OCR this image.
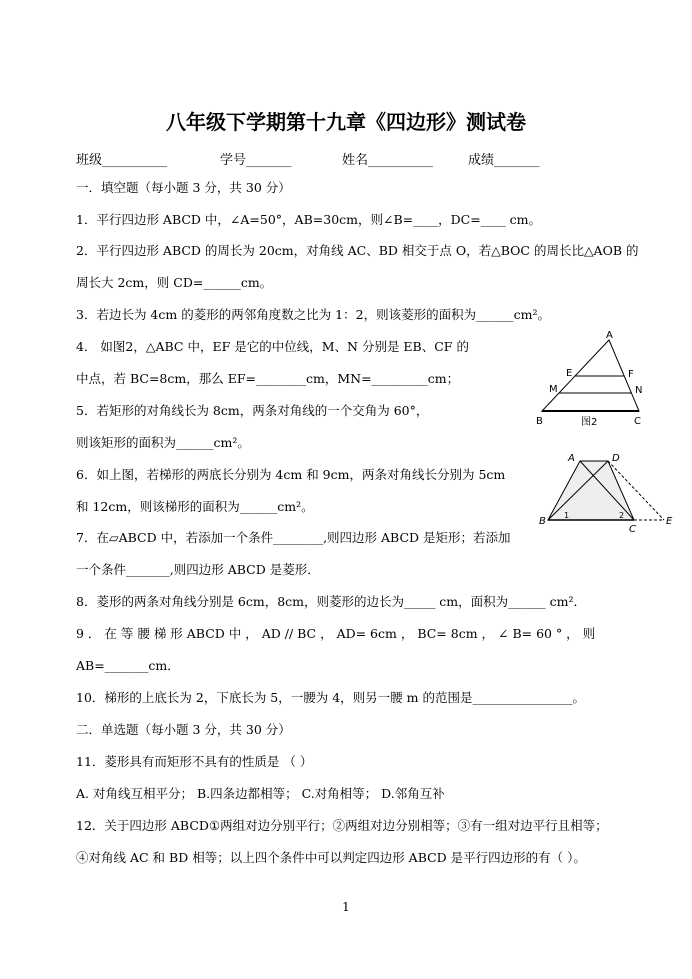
八年级下学期第十九章《四边形》测试卷
班级__________	学号_______	姓名__________	成绩_______
一．填空题（每小题 3 分，共 30 分）
1．平行四边形 ABCD 中，∠A=50°，AB=30cm，则∠B=____，DC=____ cm。
2．平行四边形 ABCD 的周长为 20cm，对角线 AC、BD 相交于点 O，若△BOC 的周长比△AOB 的
周长大 2cm，则 CD=______cm。
3．若边长为 4cm 的菱形的两邻角度数之比为 1：2，则该菱形的面积为______cm²。
4． 如图2，△ABC 中，EF 是它的中位线，M、N 分别是 EB、CF 的
中点，若 BC=8cm，那么 EF=________cm，MN=_________cm；
5．若矩形的对角线长为 8cm，两条对角线的一个交角为 60°，
则该矩形的面积为______cm²。
6．如上图，若梯形的两底长分别为 4cm 和 9cm，两条对角线长分别为 5cm
和 12cm，则该梯形的面积为______cm²。
7．在▱ABCD 中，若添加一个条件________,则四边形 ABCD 是矩形；若添加
一个条件_______,则四边形 ABCD 是菱形．
8．菱形的两条对角线分别是 6cm，8cm，则菱形的边长为_____ cm，面积为______ cm²．
9 ． 在 等 腰 梯 形 ABCD 中 ， AD // BC ， AD= 6cm ， BC= 8cm ， ∠ B= 60 ° ， 则
AB=_______cm．
10．梯形的上底长为 2，下底长为 5，一腰为 4，则另一腰 m 的范围是________________。
二．单选题（每小题 3 分，共 30 分）
11．菱形具有而矩形不具有的性质是 （ ）
A. 对角线互相平分； B.四条边都相等； C.对角相等； D.邻角互补
12．关于四边形 ABCD①两组对边分别平行；②两组对边分别相等；③有一组对边平行且相等；
④对角线 AC 和 BD 相等；以上四个条件中可以判定四边形 ABCD 是平行四边形的有（ ）。
A
E	F
M	N
B	C
图2
A	D
B
C
E
1	2
1
